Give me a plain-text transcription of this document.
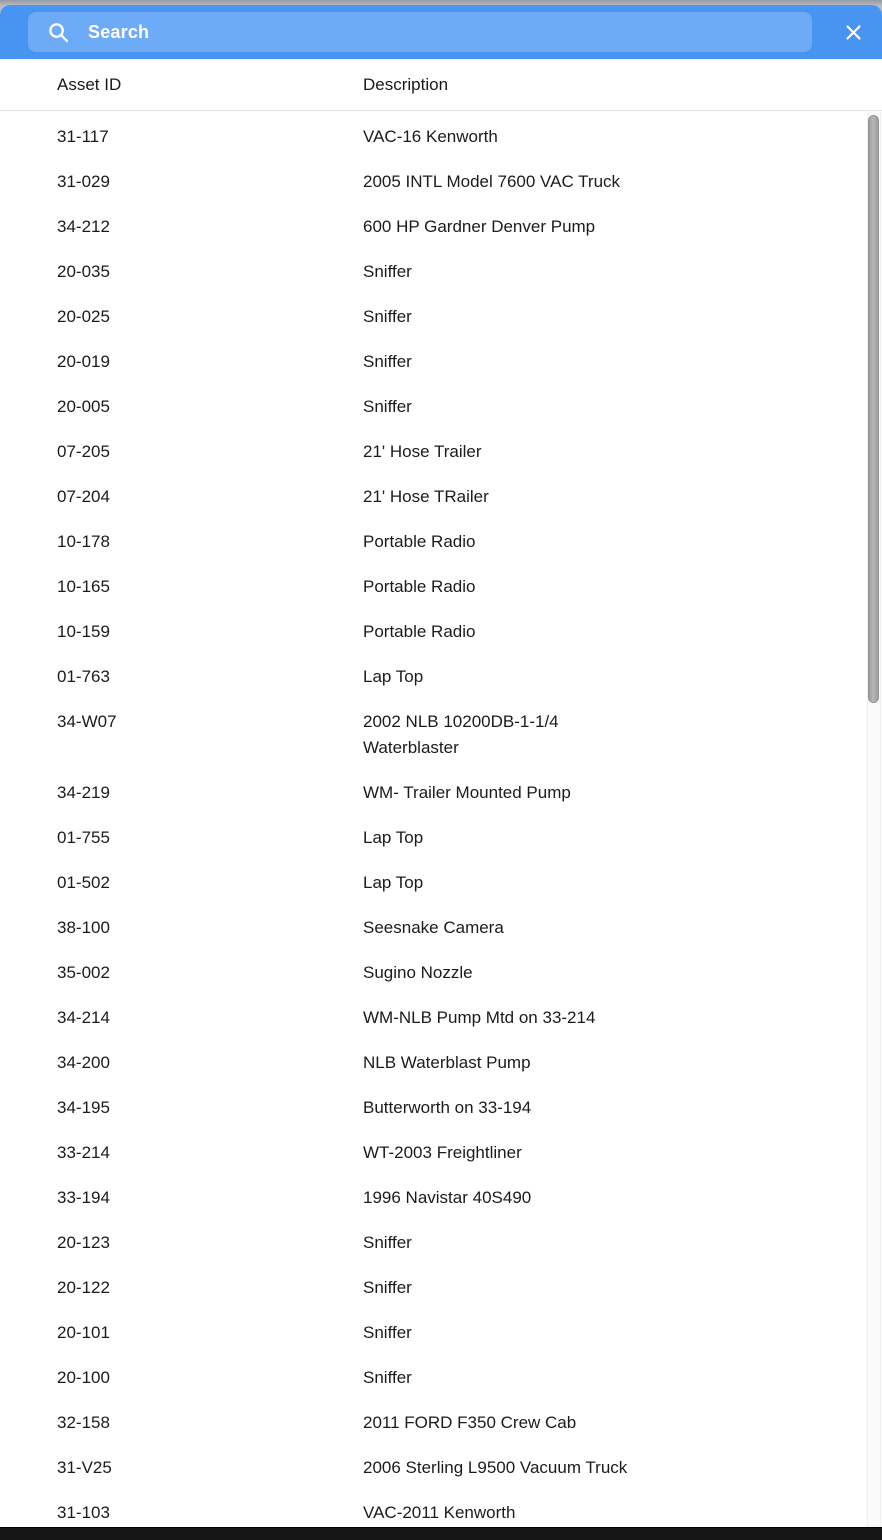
Search
Asset ID	Description
31-117	VAC-16 Kenworth
31-029	2005 INTL Model 7600 VAC Truck
34-212	600 HP Gardner Denver Pump
20-035	Sniffer
20-025	Sniffer
20-019	Sniffer
20-005	Sniffer
07-205	21' Hose Trailer
07-204	21' Hose TRailer
10-178	Portable Radio
10-165	Portable Radio
10-159	Portable Radio
01-763	Lap Top
34-W07	2002 NLB 10200DB-1-1/4 Waterblaster
34-219	WM- Trailer Mounted Pump
01-755	Lap Top
01-502	Lap Top
38-100	Seesnake Camera
35-002	Sugino Nozzle
34-214	WM-NLB Pump Mtd on 33-214
34-200	NLB Waterblast Pump
34-195	Butterworth on 33-194
33-214	WT-2003 Freightliner
33-194	1996 Navistar 40S490
20-123	Sniffer
20-122	Sniffer
20-101	Sniffer
20-100	Sniffer
32-158	2011 FORD F350 Crew Cab
31-V25	2006 Sterling L9500 Vacuum Truck
31-103	VAC-2011 Kenworth
